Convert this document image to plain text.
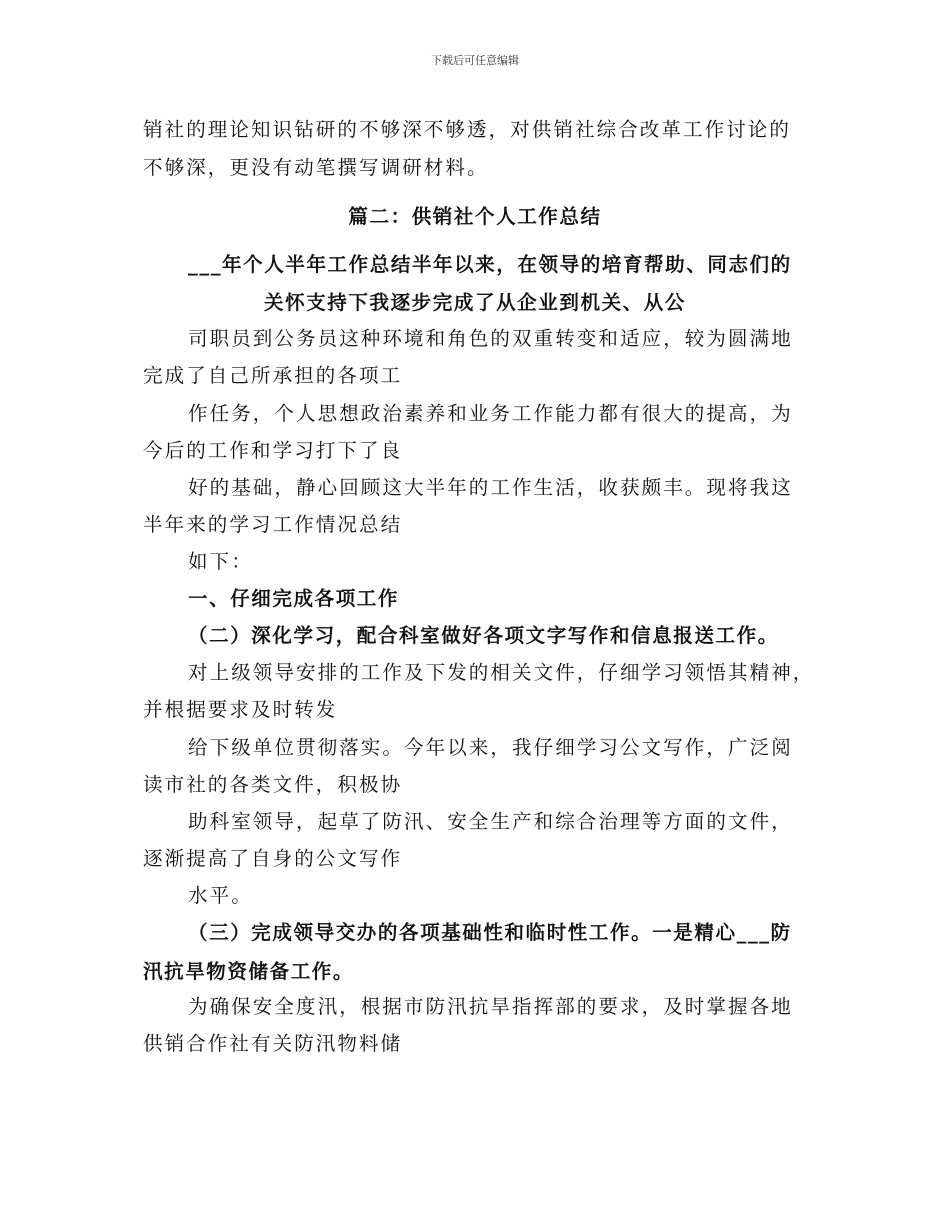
下载后可任意编辑
销社的理论知识钻研的不够深不够透，对供销社综合改革工作讨论的
不够深，更没有动笔撰写调研材料。
篇二：供销社个人工作总结
___年个人半年工作总结半年以来，在领导的培育帮助、同志们的
关怀支持下我逐步完成了从企业到机关、从公
司职员到公务员这种环境和角色的双重转变和适应，较为圆满地
完成了自己所承担的各项工
作任务，个人思想政治素养和业务工作能力都有很大的提高，为
今后的工作和学习打下了良
好的基础，静心回顾这大半年的工作生活，收获颇丰。现将我这
半年来的学习工作情况总结
如下：
一、仔细完成各项工作
（二）深化学习，配合科室做好各项文字写作和信息报送工作。
对上级领导安排的工作及下发的相关文件，仔细学习领悟其精神，
并根据要求及时转发
给下级单位贯彻落实。今年以来，我仔细学习公文写作，广泛阅
读市社的各类文件，积极协
助科室领导，起草了防汛、安全生产和综合治理等方面的文件，
逐渐提高了自身的公文写作
水平。
（三）完成领导交办的各项基础性和临时性工作。一是精心___防
汛抗旱物资储备工作。
为确保安全度汛，根据市防汛抗旱指挥部的要求，及时掌握各地
供销合作社有关防汛物料储
